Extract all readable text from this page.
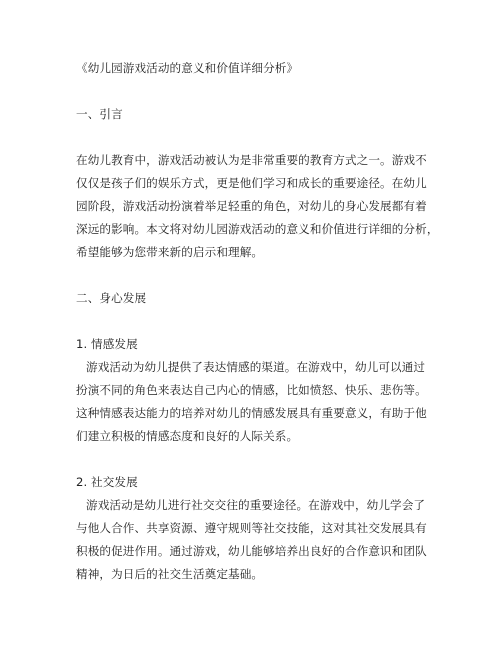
《幼儿园游戏活动的意义和价值详细分析》
一、引言
在幼儿教育中，游戏活动被认为是非常重要的教育方式之一。游戏不
仅仅是孩子们的娱乐方式，更是他们学习和成长的重要途径。在幼儿
园阶段，游戏活动扮演着举足轻重的角色，对幼儿的身心发展都有着
深远的影响。本文将对幼儿园游戏活动的意义和价值进行详细的分析，
希望能够为您带来新的启示和理解。
二、身心发展
1. 情感发展
游戏活动为幼儿提供了表达情感的渠道。在游戏中，幼儿可以通过
扮演不同的角色来表达自己内心的情感，比如愤怒、快乐、悲伤等。
这种情感表达能力的培养对幼儿的情感发展具有重要意义，有助于他
们建立积极的情感态度和良好的人际关系。
2. 社交发展
游戏活动是幼儿进行社交交往的重要途径。在游戏中，幼儿学会了
与他人合作、共享资源、遵守规则等社交技能，这对其社交发展具有
积极的促进作用。通过游戏，幼儿能够培养出良好的合作意识和团队
精神，为日后的社交生活奠定基础。
